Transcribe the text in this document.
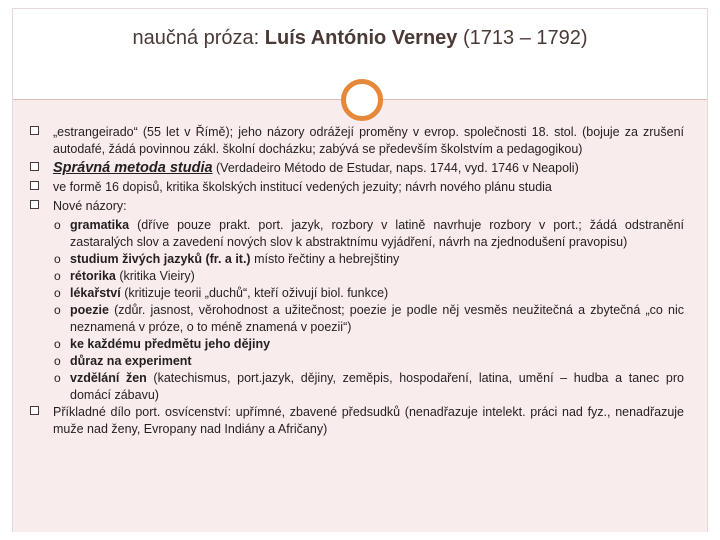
naučná próza: Luís António Verney (1713 – 1792)
„estrangeirado“ (55 let v Římě); jeho názory odrážejí proměny v evrop. společnosti 18. stol. (bojuje za zrušení autodafé, žádá povinnou zákl. školní docházku; zabývá se především školstvím a pedagogikou)
Správná metoda studia (Verdadeiro Método de Estudar, naps. 1744, vyd. 1746 v Neapoli)
ve formě 16 dopisů, kritika školských institucí vedených jezuity; návrh nového plánu studia
Nové názory:
o gramatika (dříve pouze prakt. port. jazyk, rozbory v latině navrhuje rozbory v port.; žádá odstranění zastaralých slov a zavedení nových slov k abstraktnímu vyjádření, návrh na zjednodušení pravopisu)
o studium živých jazyků (fr. a it.) místo řečtiny a hebrejštiny
o rétorika (kritika Vieiry)
o lékařství (kritizuje teorii „duchů“, kteří oživují biol. funkce)
o poezie (zdůr. jasnost, věrohodnost a užitečnost; poezie je podle něj vesměs neužitečná a zbytečná „co nic neznamená v próze, o to méně znamená v poezii“)
o ke každému předmětu jeho dějiny
o důraz na experiment
o vzdělání žen (katechismus, port.jazyk, dějiny, zeměpis, hospodaření, latina, umění – hudba a tanec pro domácí zábavu)
Příkladné dílo port. osvícenství: upřímné, zbavené předsudků (nenadřazuje intelekt. práci nad fyz., nenadřazuje muže nad ženy, Evropany nad Indiány a Afričany)
